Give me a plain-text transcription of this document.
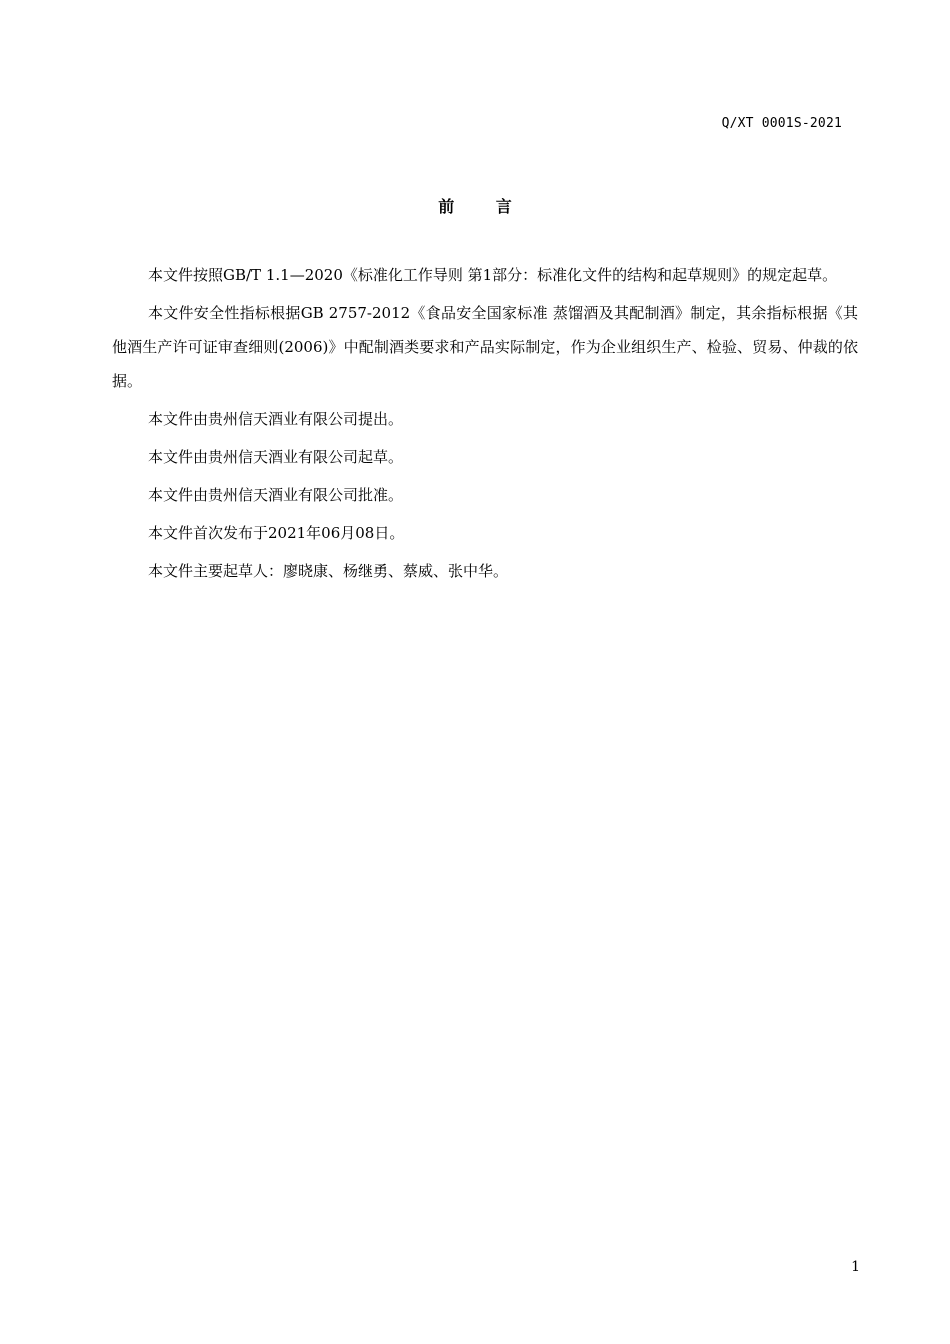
Q/XT 0001S-2021
前 言

本文件按照GB/T 1.1—2020《标准化工作导则 第1部分：标准化文件的结构和起草规则》的规定起草。

本文件安全性指标根据GB 2757-2012《食品安全国家标准 蒸馏酒及其配制酒》制定，其余指标根据《其他酒生产许可证审查细则(2006)》中配制酒类要求和产品实际制定，作为企业组织生产、检验、贸易、仲裁的依据。

本文件由贵州信天酒业有限公司提出。

本文件由贵州信天酒业有限公司起草。

本文件由贵州信天酒业有限公司批准。

本文件首次发布于2021年06月08日。

本文件主要起草人：廖晓康、杨继勇、蔡威、张中华。

1
